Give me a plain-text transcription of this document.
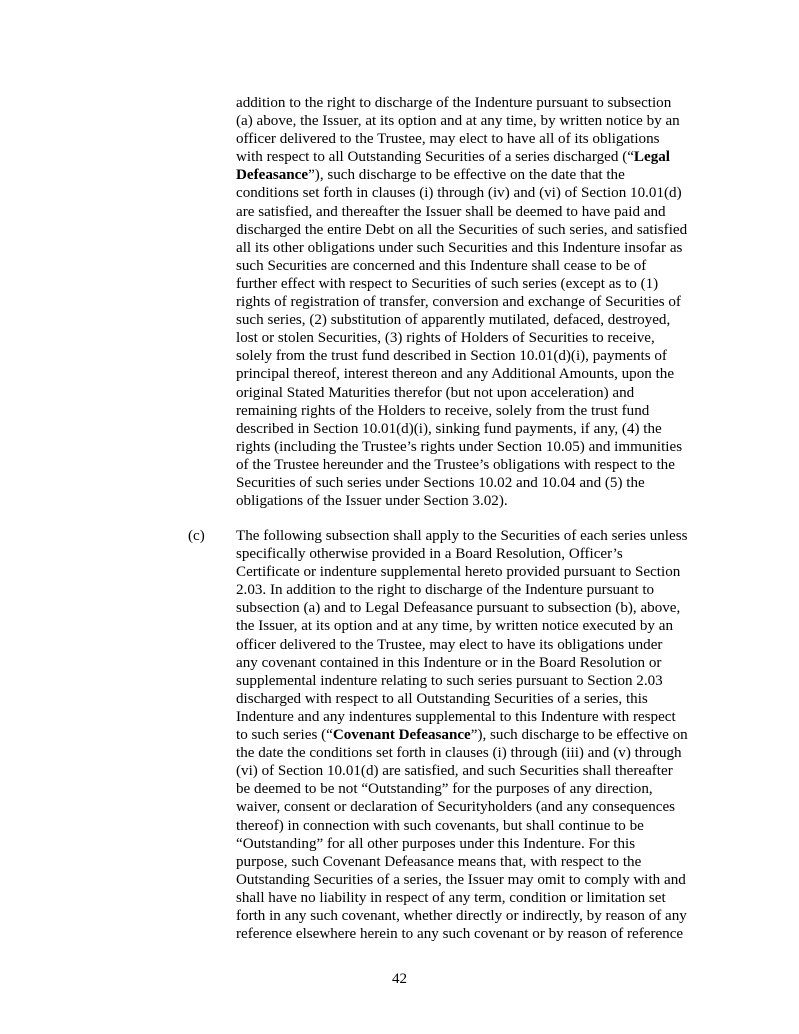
addition to the right to discharge of the Indenture pursuant to subsection
(a) above, the Issuer, at its option and at any time, by written notice by an
officer delivered to the Trustee, may elect to have all of its obligations
with respect to all Outstanding Securities of a series discharged (“Legal
Defeasance”), such discharge to be effective on the date that the
conditions set forth in clauses (i) through (iv) and (vi) of Section 10.01(d)
are satisfied, and thereafter the Issuer shall be deemed to have paid and
discharged the entire Debt on all the Securities of such series, and satisfied
all its other obligations under such Securities and this Indenture insofar as
such Securities are concerned and this Indenture shall cease to be of
further effect with respect to Securities of such series (except as to (1)
rights of registration of transfer, conversion and exchange of Securities of
such series, (2) substitution of apparently mutilated, defaced, destroyed,
lost or stolen Securities, (3) rights of Holders of Securities to receive,
solely from the trust fund described in Section 10.01(d)(i), payments of
principal thereof, interest thereon and any Additional Amounts, upon the
original Stated Maturities therefor (but not upon acceleration) and
remaining rights of the Holders to receive, solely from the trust fund
described in Section 10.01(d)(i), sinking fund payments, if any, (4) the
rights (including the Trustee’s rights under Section 10.05) and immunities
of the Trustee hereunder and the Trustee’s obligations with respect to the
Securities of such series under Sections 10.02 and 10.04 and (5) the
obligations of the Issuer under Section 3.02).
(c) The following subsection shall apply to the Securities of each series unless
specifically otherwise provided in a Board Resolution, Officer’s
Certificate or indenture supplemental hereto provided pursuant to Section
2.03. In addition to the right to discharge of the Indenture pursuant to
subsection (a) and to Legal Defeasance pursuant to subsection (b), above,
the Issuer, at its option and at any time, by written notice executed by an
officer delivered to the Trustee, may elect to have its obligations under
any covenant contained in this Indenture or in the Board Resolution or
supplemental indenture relating to such series pursuant to Section 2.03
discharged with respect to all Outstanding Securities of a series, this
Indenture and any indentures supplemental to this Indenture with respect
to such series (“Covenant Defeasance”), such discharge to be effective on
the date the conditions set forth in clauses (i) through (iii) and (v) through
(vi) of Section 10.01(d) are satisfied, and such Securities shall thereafter
be deemed to be not “Outstanding” for the purposes of any direction,
waiver, consent or declaration of Securityholders (and any consequences
thereof) in connection with such covenants, but shall continue to be
“Outstanding” for all other purposes under this Indenture. For this
purpose, such Covenant Defeasance means that, with respect to the
Outstanding Securities of a series, the Issuer may omit to comply with and
shall have no liability in respect of any term, condition or limitation set
forth in any such covenant, whether directly or indirectly, by reason of any
reference elsewhere herein to any such covenant or by reason of reference
42
